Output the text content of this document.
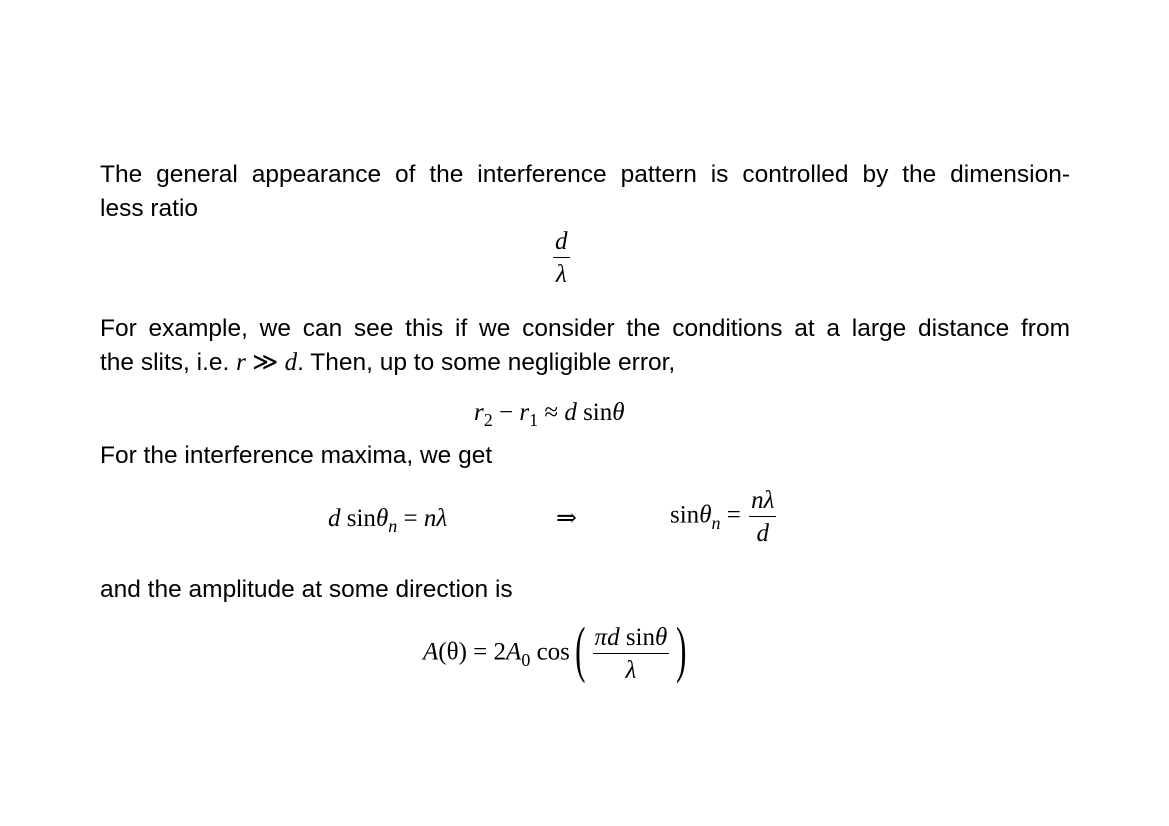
The general appearance of the interference pattern is controlled by the dimension-
less ratio
$\frac{d}{\lambda}$
For example, we can see this if we consider the conditions at a large distance from
the slits, i.e. r ≫ d. Then, up to some negligible error,
$r_2 - r_1 \approx d$ sinθ
For the interference maxima, we get
d sinθ$_n$ = nλ	⇒	$\sin\theta_n = \frac{n\lambda}{d}$
and the amplitude at some direction is
$A(\theta) = 2A_0$ $\cos( \frac{\text{πd sinθ}}{\lambda}$ )
